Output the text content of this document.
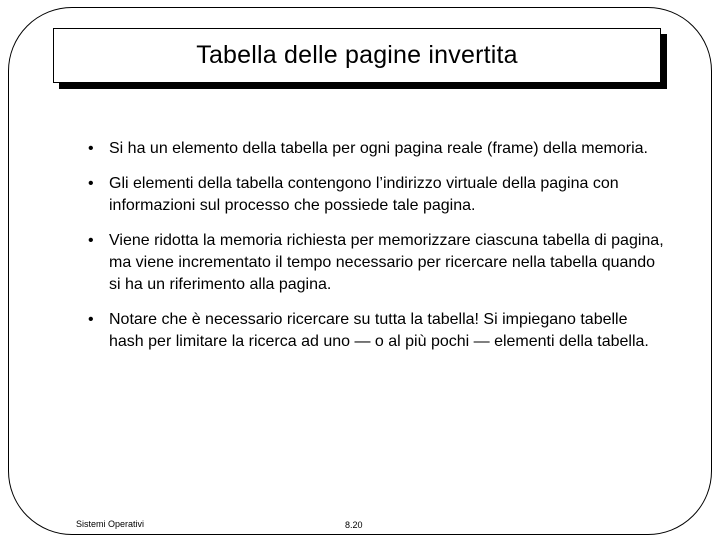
Tabella delle pagine invertita
• Si ha un elemento della tabella per ogni pagina reale (frame) della memoria.
• Gli elementi della tabella contengono l’indirizzo virtuale della pagina con informazioni sul processo che possiede tale pagina.
• Viene ridotta la memoria richiesta per memorizzare ciascuna tabella di pagina, ma viene incrementato il tempo necessario per ricercare nella tabella quando si ha un riferimento alla pagina.
• Notare che è necessario ricercare su tutta la tabella! Si impiegano tabelle hash per limitare la ricerca ad uno — o al più pochi — elementi della tabella.
Sistemi Operativi	8.20
